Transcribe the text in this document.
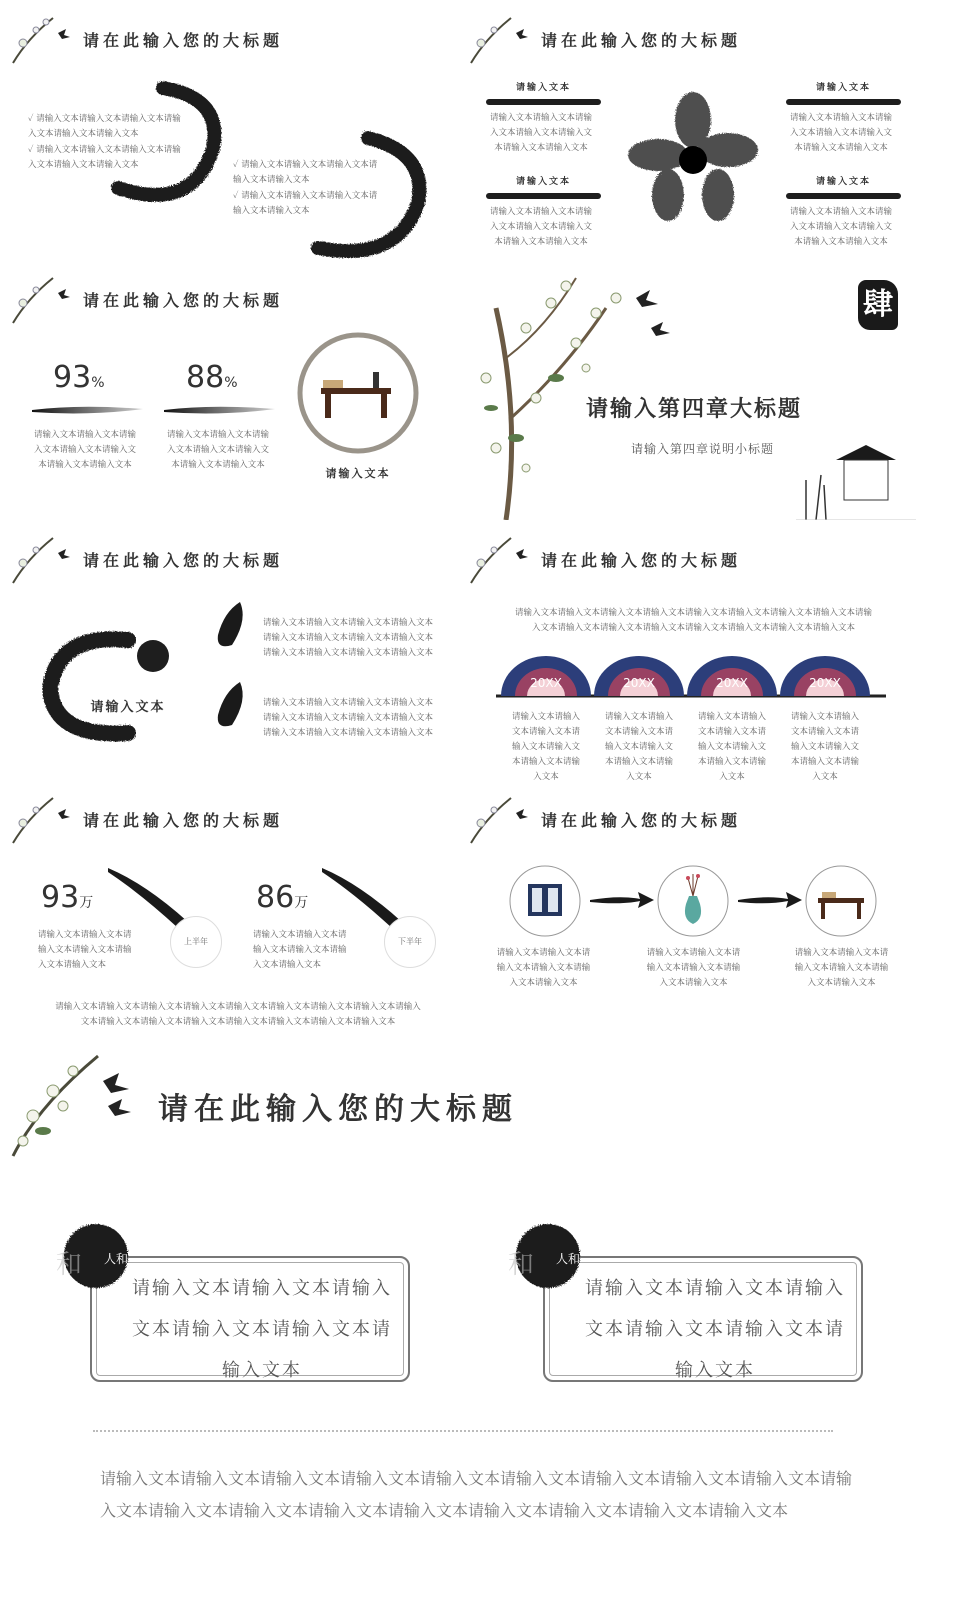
请在此输入您的大标题
✓ 请输入文本请输入文本请输入文本请输入文本请输入文本请输入文本
✓ 请输入文本请输入文本请输入文本请输入文本请输入文本请输入文本	✓ 请输入文本请输入文本请输入文本请输入文本请输入文本
✓ 请输入文本请输入文本请输入文本请输入文本请输入文本
请在此输入您的大标题
请输入文本
请输入文本请输入文本请输入文本请输入文本请输入文本请输入文本请输入文本
请输入文本
请输入文本请输入文本请输入文本请输入文本请输入文本请输入文本请输入文本
请输入文本
请输入文本请输入文本请输入文本请输入文本请输入文本请输入文本请输入文本
请输入文本
请输入文本请输入文本请输入文本请输入文本请输入文本请输入文本请输入文本
请在此输入您的大标题
93%	88%
请输入文本请输入文本请输入文本请输入文本请输入文本请输入文本请输入文本
请输入文本请输入文本请输入文本请输入文本请输入文本请输入文本请输入文本
请输入文本
肆
请输入第四章大标题
请输入第四章说明小标题
请在此输入您的大标题
请输入文本
请输入文本请输入文本请输入文本请输入文本请输入文本请输入文本请输入文本请输入文本请输入文本请输入文本请输入文本请输入文本
请输入文本请输入文本请输入文本请输入文本请输入文本请输入文本请输入文本请输入文本请输入文本请输入文本请输入文本请输入文本
请在此输入您的大标题
请输入文本请输入文本请输入文本请输入文本请输入文本请输入文本请输入文本请输入文本请输入文本请输入文本请输入文本请输入文本请输入文本请输入文本请输入文本请输入文本
20XX	20XX	20XX	20XX
请输入文本请输入文本请输入文本请输入文本请输入文本请输入文本请输入文本
请输入文本请输入文本请输入文本请输入文本请输入文本请输入文本请输入文本
请输入文本请输入文本请输入文本请输入文本请输入文本请输入文本请输入文本
请输入文本请输入文本请输入文本请输入文本请输入文本请输入文本请输入文本
请在此输入您的大标题
93万	86万
上半年	下半年
请输入文本请输入文本请输入文本请输入文本请输入文本请输入文本
请输入文本请输入文本请输入文本请输入文本请输入文本请输入文本
请输入文本请输入文本请输入文本请输入文本请输入文本请输入文本请输入文本请输入文本请输入文本请输入文本请输入文本请输入文本请输入文本请输入文本请输入文本请输入文本
请在此输入您的大标题
请输入文本请输入文本请输入文本请输入文本请输入文本请输入文本
请输入文本请输入文本请输入文本请输入文本请输入文本请输入文本
请输入文本请输入文本请输入文本请输入文本请输入文本请输入文本
请在此输入您的大标题
请输入文本请输入文本请输入文本请输入文本请输入文本请输入文本
人和
和
请输入文本请输入文本请输入文本请输入文本请输入文本请输入文本
人和
和
请输入文本请输入文本请输入文本请输入文本请输入文本请输入文本请输入文本请输入文本请输入文本请输
入文本请输入文本请输入文本请输入文本请输入文本请输入文本请输入文本请输入文本请输入文本
